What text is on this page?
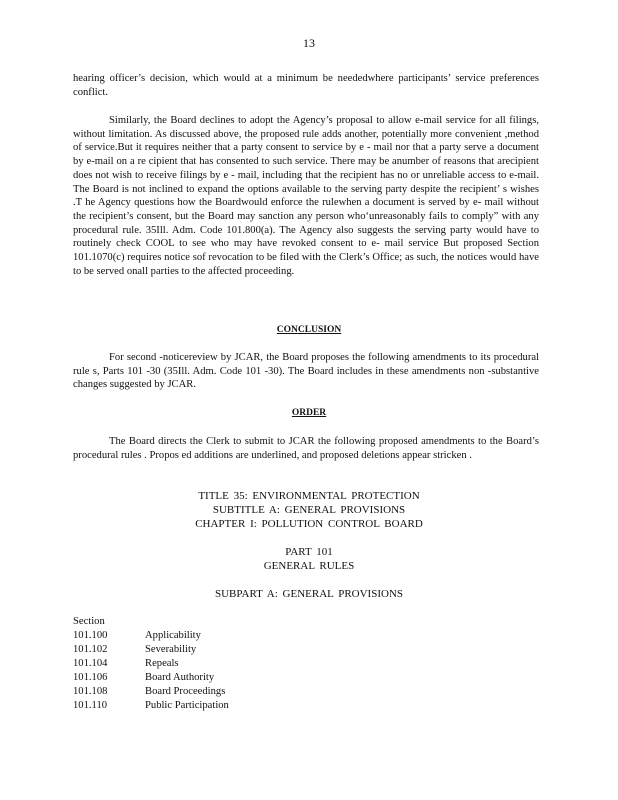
13

hearing officer’s decision, which would at a minimum be neededwhere participants’ service preferences conflict.

Similarly, the Board declines to adopt the Agency’s proposal to allow e-mail service for all filings, without limitation. As discussed above, the proposed rule adds another, potentially more convenient ,method of service.But it requires neither that a party consent to service by e - mail nor that a party serve a document by e-mail on a re cipient that has consented to such service. There may be anumber of reasons that arecipient does not wish to receive filings by e - mail, including that the recipient has no or unreliable access to e-mail. The Board is not inclined to expand the options available to the serving party despite the recipient’ s wishes .T he Agency questions how the Boardwould enforce the rulewhen a document is served by e- mail without the recipient’s consent, but the Board may sanction any person who‘unreasonably fails to comply” with any procedural rule. 35Ill. Adm. Code 101.800(a). The Agency also suggests the serving party would have to routinely check COOL to see who may have revoked consent to e- mail service But proposed Section 101.1070(c) requires notice sof revocation to be filed with the Clerk’s Office; as such, the notices would have to be served onall parties to the affected proceeding.

CONCLUSION

For second -noticereview by JCAR, the Board proposes the following amendments to its procedural rule s, Parts 101 -30 (35Ill. Adm. Code 101 -30). The Board includes in these amendments non -substantive changes suggested by JCAR.

ORDER

The Board directs the Clerk to submit to JCAR the following proposed amendments to the Board’s procedural rules . Propos ed additions are underlined, and proposed deletions appear stricken .

TITLE 35: ENVIRONMENTAL PROTECTION

SUBTITLE A: GENERAL PROVISIONS

CHAPTER I: POLLUTION CONTROL BOARD

PART 101

GENERAL RULES

SUBPART A: GENERAL PROVISIONS

Section
101.100	Applicability
101.102	Severability
101.104	Repeals
101.106	Board Authority
101.108	Board Proceedings
101.110	Public Participation
